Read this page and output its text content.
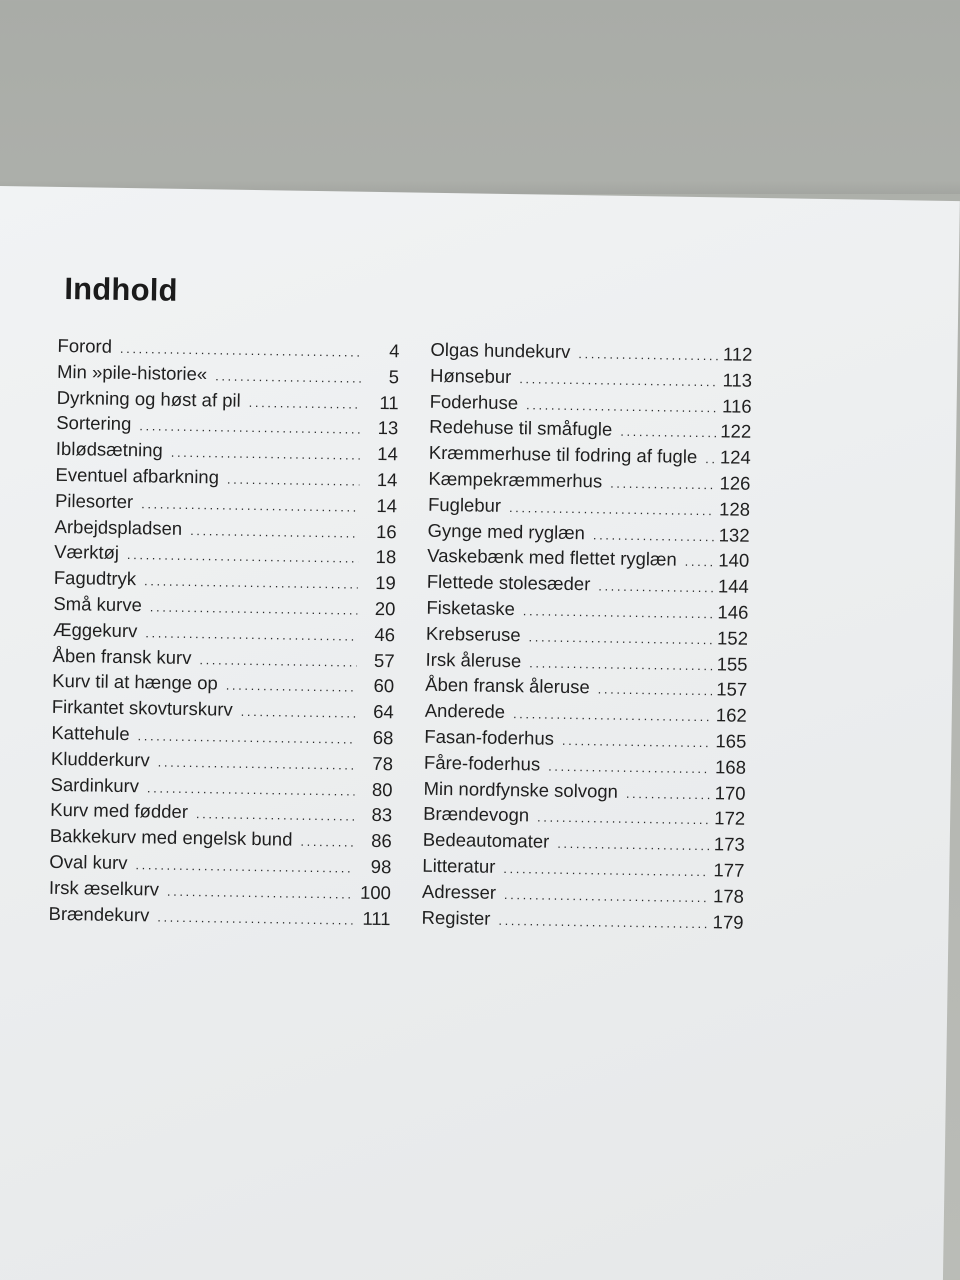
Indhold
Forord . . .	4
Min »pile-historie« . . .	5
Dyrkning og høst af pil . . .	11
Sortering . . .	13
Iblødsætning . . .	14
Eventuel afbarkning . . .	14
Pilesorter . . .	14
Arbejdspladsen . . .	16
Værktøj . . .	18
Fagudtryk . . .	19
Små kurve . . .	20
Æggekurv . . .	46
Åben fransk kurv . . .	57
Kurv til at hænge op . . .	60
Firkantet skovturskurv . . .	64
Kattehule . . .	68
Kludderkurv . . .	78
Sardinkurv . . .	80
Kurv med fødder . . .	83
Bakkekurv med engelsk bund . . .	86
Oval kurv . . .	98
Irsk æselkurv . . .	100
Brændekurv . . .	111
Olgas hundekurv . . .	112
Hønsebur . . .	113
Foderhuse . . .	116
Redehuse til småfugle . . .	122
Kræmmerhuse til fodring af fugle . . . 124
Kæmpekræmmerhus . . .	126
Fuglebur . . .	128
Gynge med ryglæn . . .	132
Vaskebænk med flettet ryglæn . . . 140
Flettede stolesæder . . .	144
Fisketaske . . .	146
Krebseruse . . .	152
Irsk åleruse . . .	155
Åben fransk åleruse . . .	157
Anderede . . .	162
Fasan-foderhus . . .	165
Fåre-foderhus . . .	168
Min nordfynske solvogn . . .	170
Brændevogn . . .	172
Bedeautomater . . .	173
Litteratur . . .	177
Adresser . . .	178
Register . . .	179
